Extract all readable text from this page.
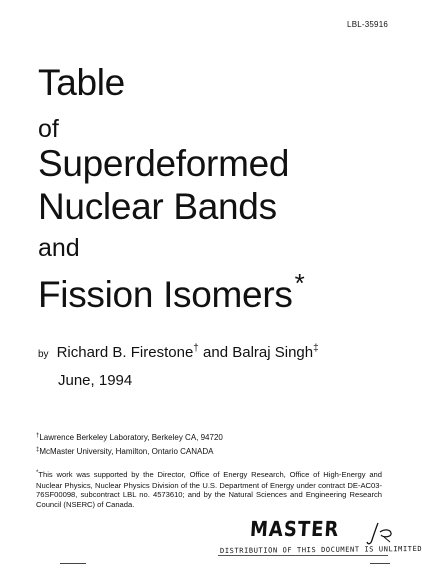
LBL-35916
Table
of
Superdeformed
Nuclear Bands
and
Fission Isomers*
by Richard B. Firestone† and Balraj Singh‡
June, 1994
†Lawrence Berkeley Laboratory, Berkeley CA, 94720
‡McMaster University, Hamilton, Ontario CANADA
*This work was supported by the Director, Office of Energy Research, Office of High-Energy and Nuclear Physics, Nuclear Physics Division of the U.S. Department of Energy under contract DE-AC03-76SF00098, subcontract LBL no. 4573610; and by the Natural Sciences and Engineering Research Council (NSERC) of Canada.
MASTER
DISTRIBUTION OF THIS DOCUMENT IS UNLIMITED
